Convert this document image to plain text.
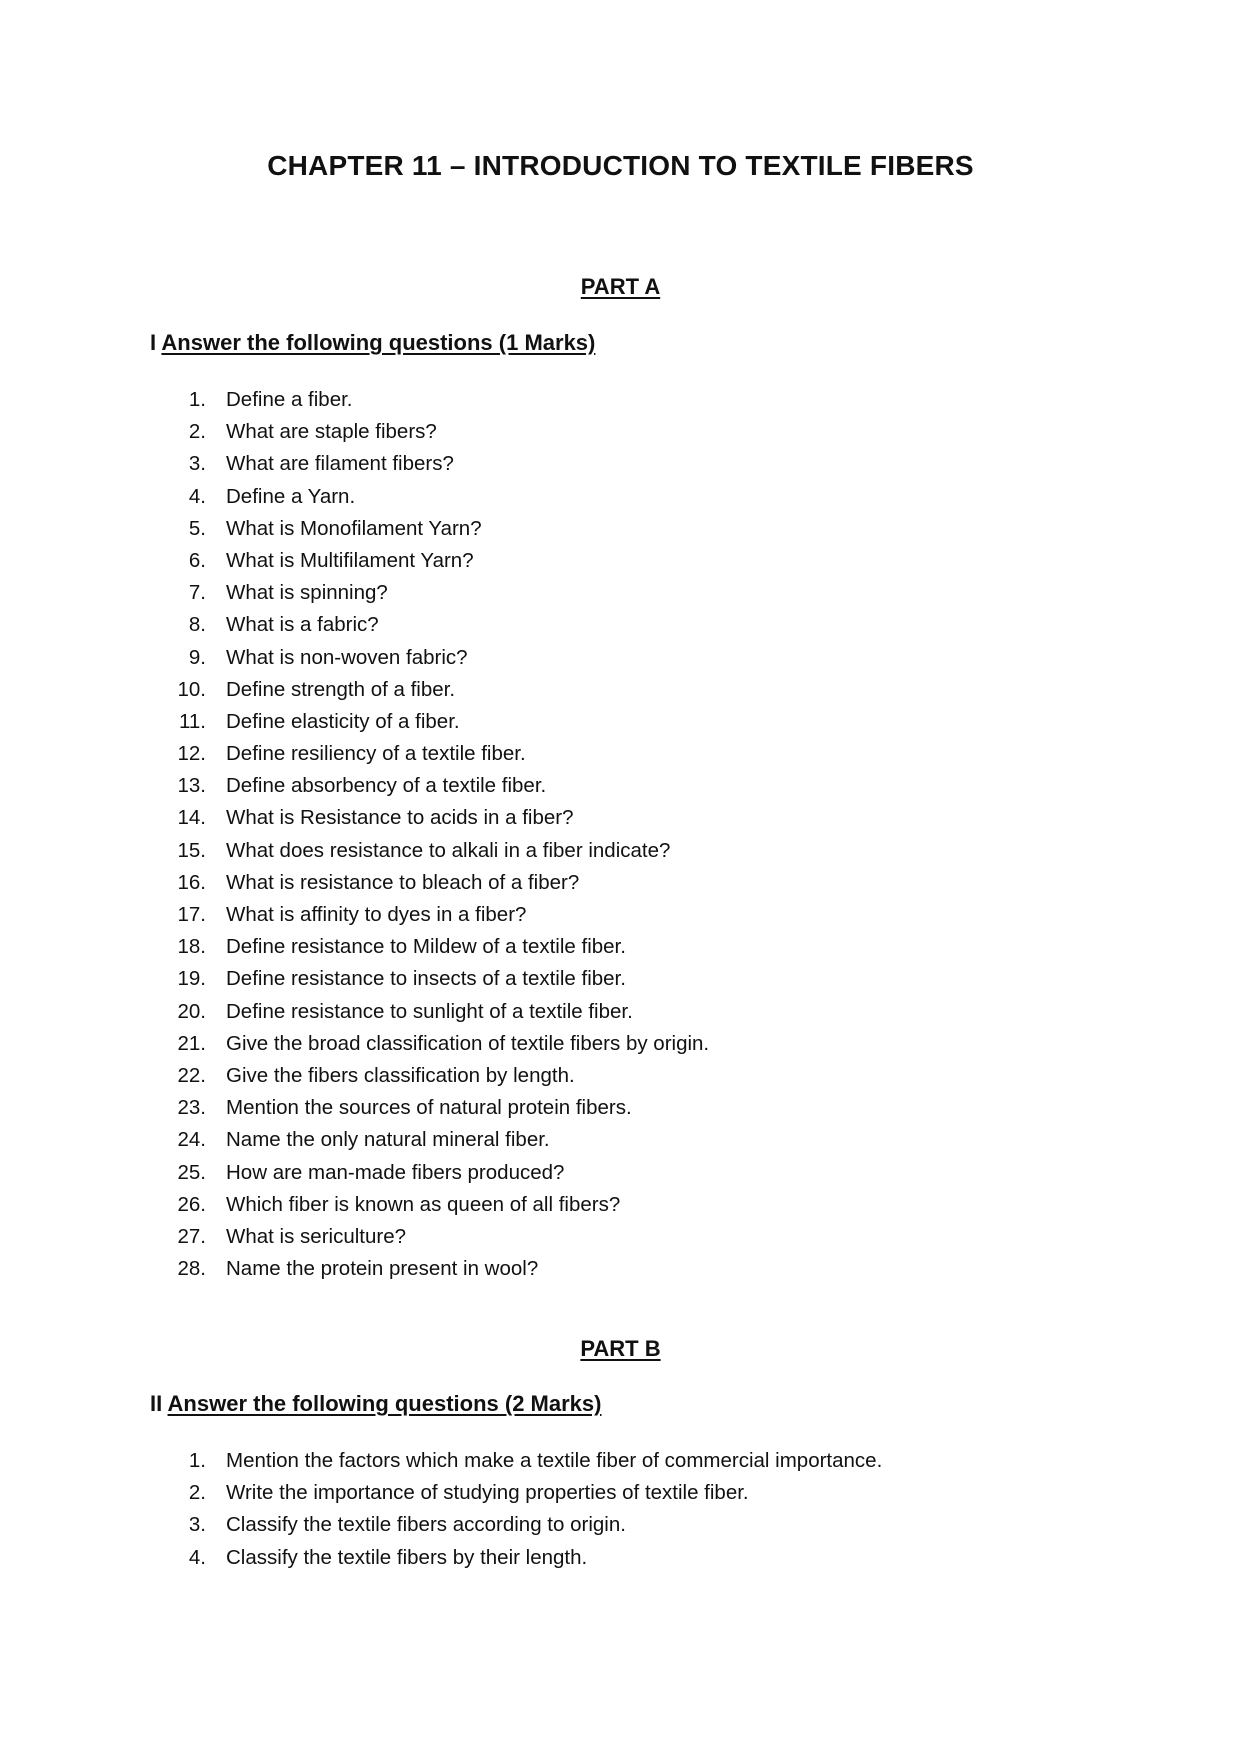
CHAPTER 11 – INTRODUCTION TO TEXTILE FIBERS
PART A
I Answer the following questions (1 Marks)
1. Define a fiber.
2. What are staple fibers?
3. What are filament fibers?
4. Define a Yarn.
5. What is Monofilament Yarn?
6. What is Multifilament Yarn?
7. What is spinning?
8. What is a fabric?
9. What is non-woven fabric?
10. Define strength of a fiber.
11. Define elasticity of a fiber.
12. Define resiliency of a textile fiber.
13. Define absorbency of a textile fiber.
14. What is Resistance to acids in a fiber?
15. What does resistance to alkali in a fiber indicate?
16. What is resistance to bleach of a fiber?
17. What is affinity to dyes in a fiber?
18. Define resistance to Mildew of a textile fiber.
19. Define resistance to insects of a textile fiber.
20. Define resistance to sunlight of a textile fiber.
21. Give the broad classification of textile fibers by origin.
22. Give the fibers classification by length.
23. Mention the sources of natural protein fibers.
24. Name the only natural mineral fiber.
25. How are man-made fibers produced?
26. Which fiber is known as queen of all fibers?
27. What is sericulture?
28. Name the protein present in wool?
PART B
II Answer the following questions (2 Marks)
1. Mention the factors which make a textile fiber of commercial importance.
2. Write the importance of studying properties of textile fiber.
3. Classify the textile fibers according to origin.
4. Classify the textile fibers by their length.
